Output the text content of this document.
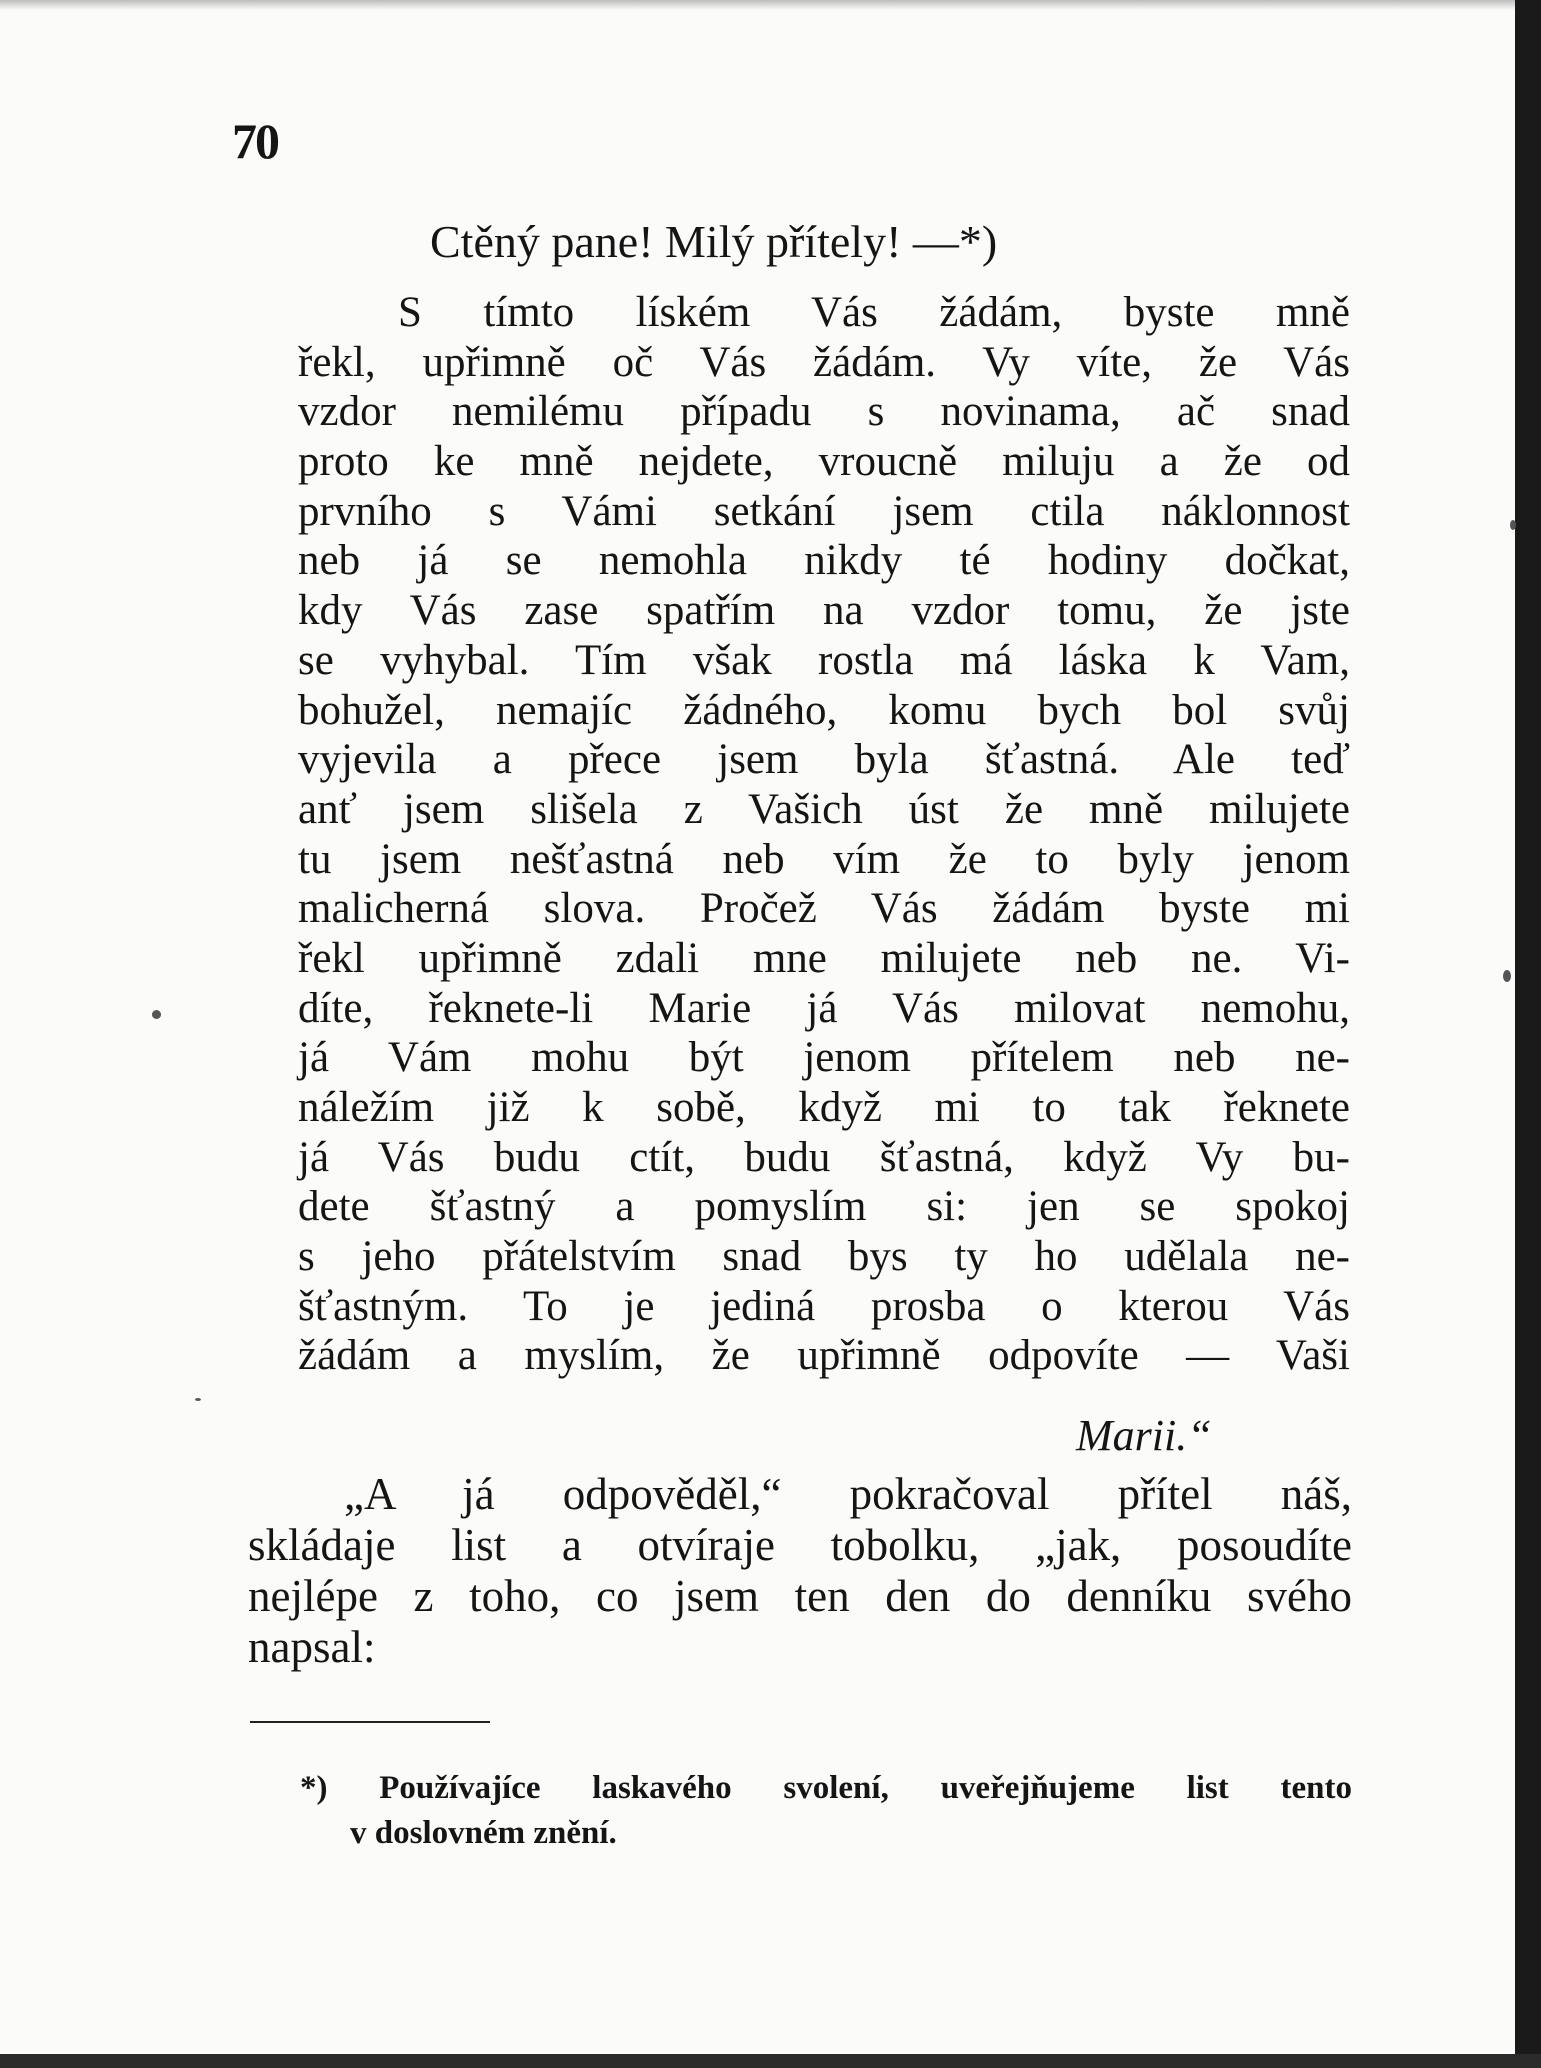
70
Ctěný pane! Milý přítely! —*)
S tímto líském Vás žádám, byste mně
řekl, upřimně oč Vás žádám. Vy víte, že Vás
vzdor nemilému případu s novinama, ač snad
proto ke mně nejdete, vroucně miluju a že od
prvního s Vámi setkání jsem ctila náklonnost
neb já se nemohla nikdy té hodiny dočkat,
kdy Vás zase spatřím na vzdor tomu, že jste
se vyhybal. Tím však rostla má láska k Vam,
bohužel, nemajíc žádného, komu bych bol svůj
vyjevila a přece jsem byla šťastná. Ale teď
anť jsem slišela z Vašich úst že mně milujete
tu jsem nešťastná neb vím že to byly jenom
malicherná slova. Pročež Vás žádám byste mi
řekl upřimně zdali mne milujete neb ne. Vi-
díte, řeknete-li Marie já Vás milovat nemohu,
já Vám mohu být jenom přítelem neb ne-
náležím již k sobě, když mi to tak řeknete
já Vás budu ctít, budu šťastná, když Vy bu-
dete šťastný a pomyslím si: jen se spokoj
s jeho přátelstvím snad bys ty ho udělala ne-
šťastným. To je jediná prosba o kterou Vás
žádám a myslím, že upřimně odpovíte — Vaši
Marii.“
„A já odpověděl,“ pokračoval přítel náš,
skládaje list a otvíraje tobolku, „jak, posoudíte
nejlépe z toho, co jsem ten den do denníku svého
napsal:
*) Používajíce laskavého svolení, uveřejňujeme list tento
v doslovném znění.
